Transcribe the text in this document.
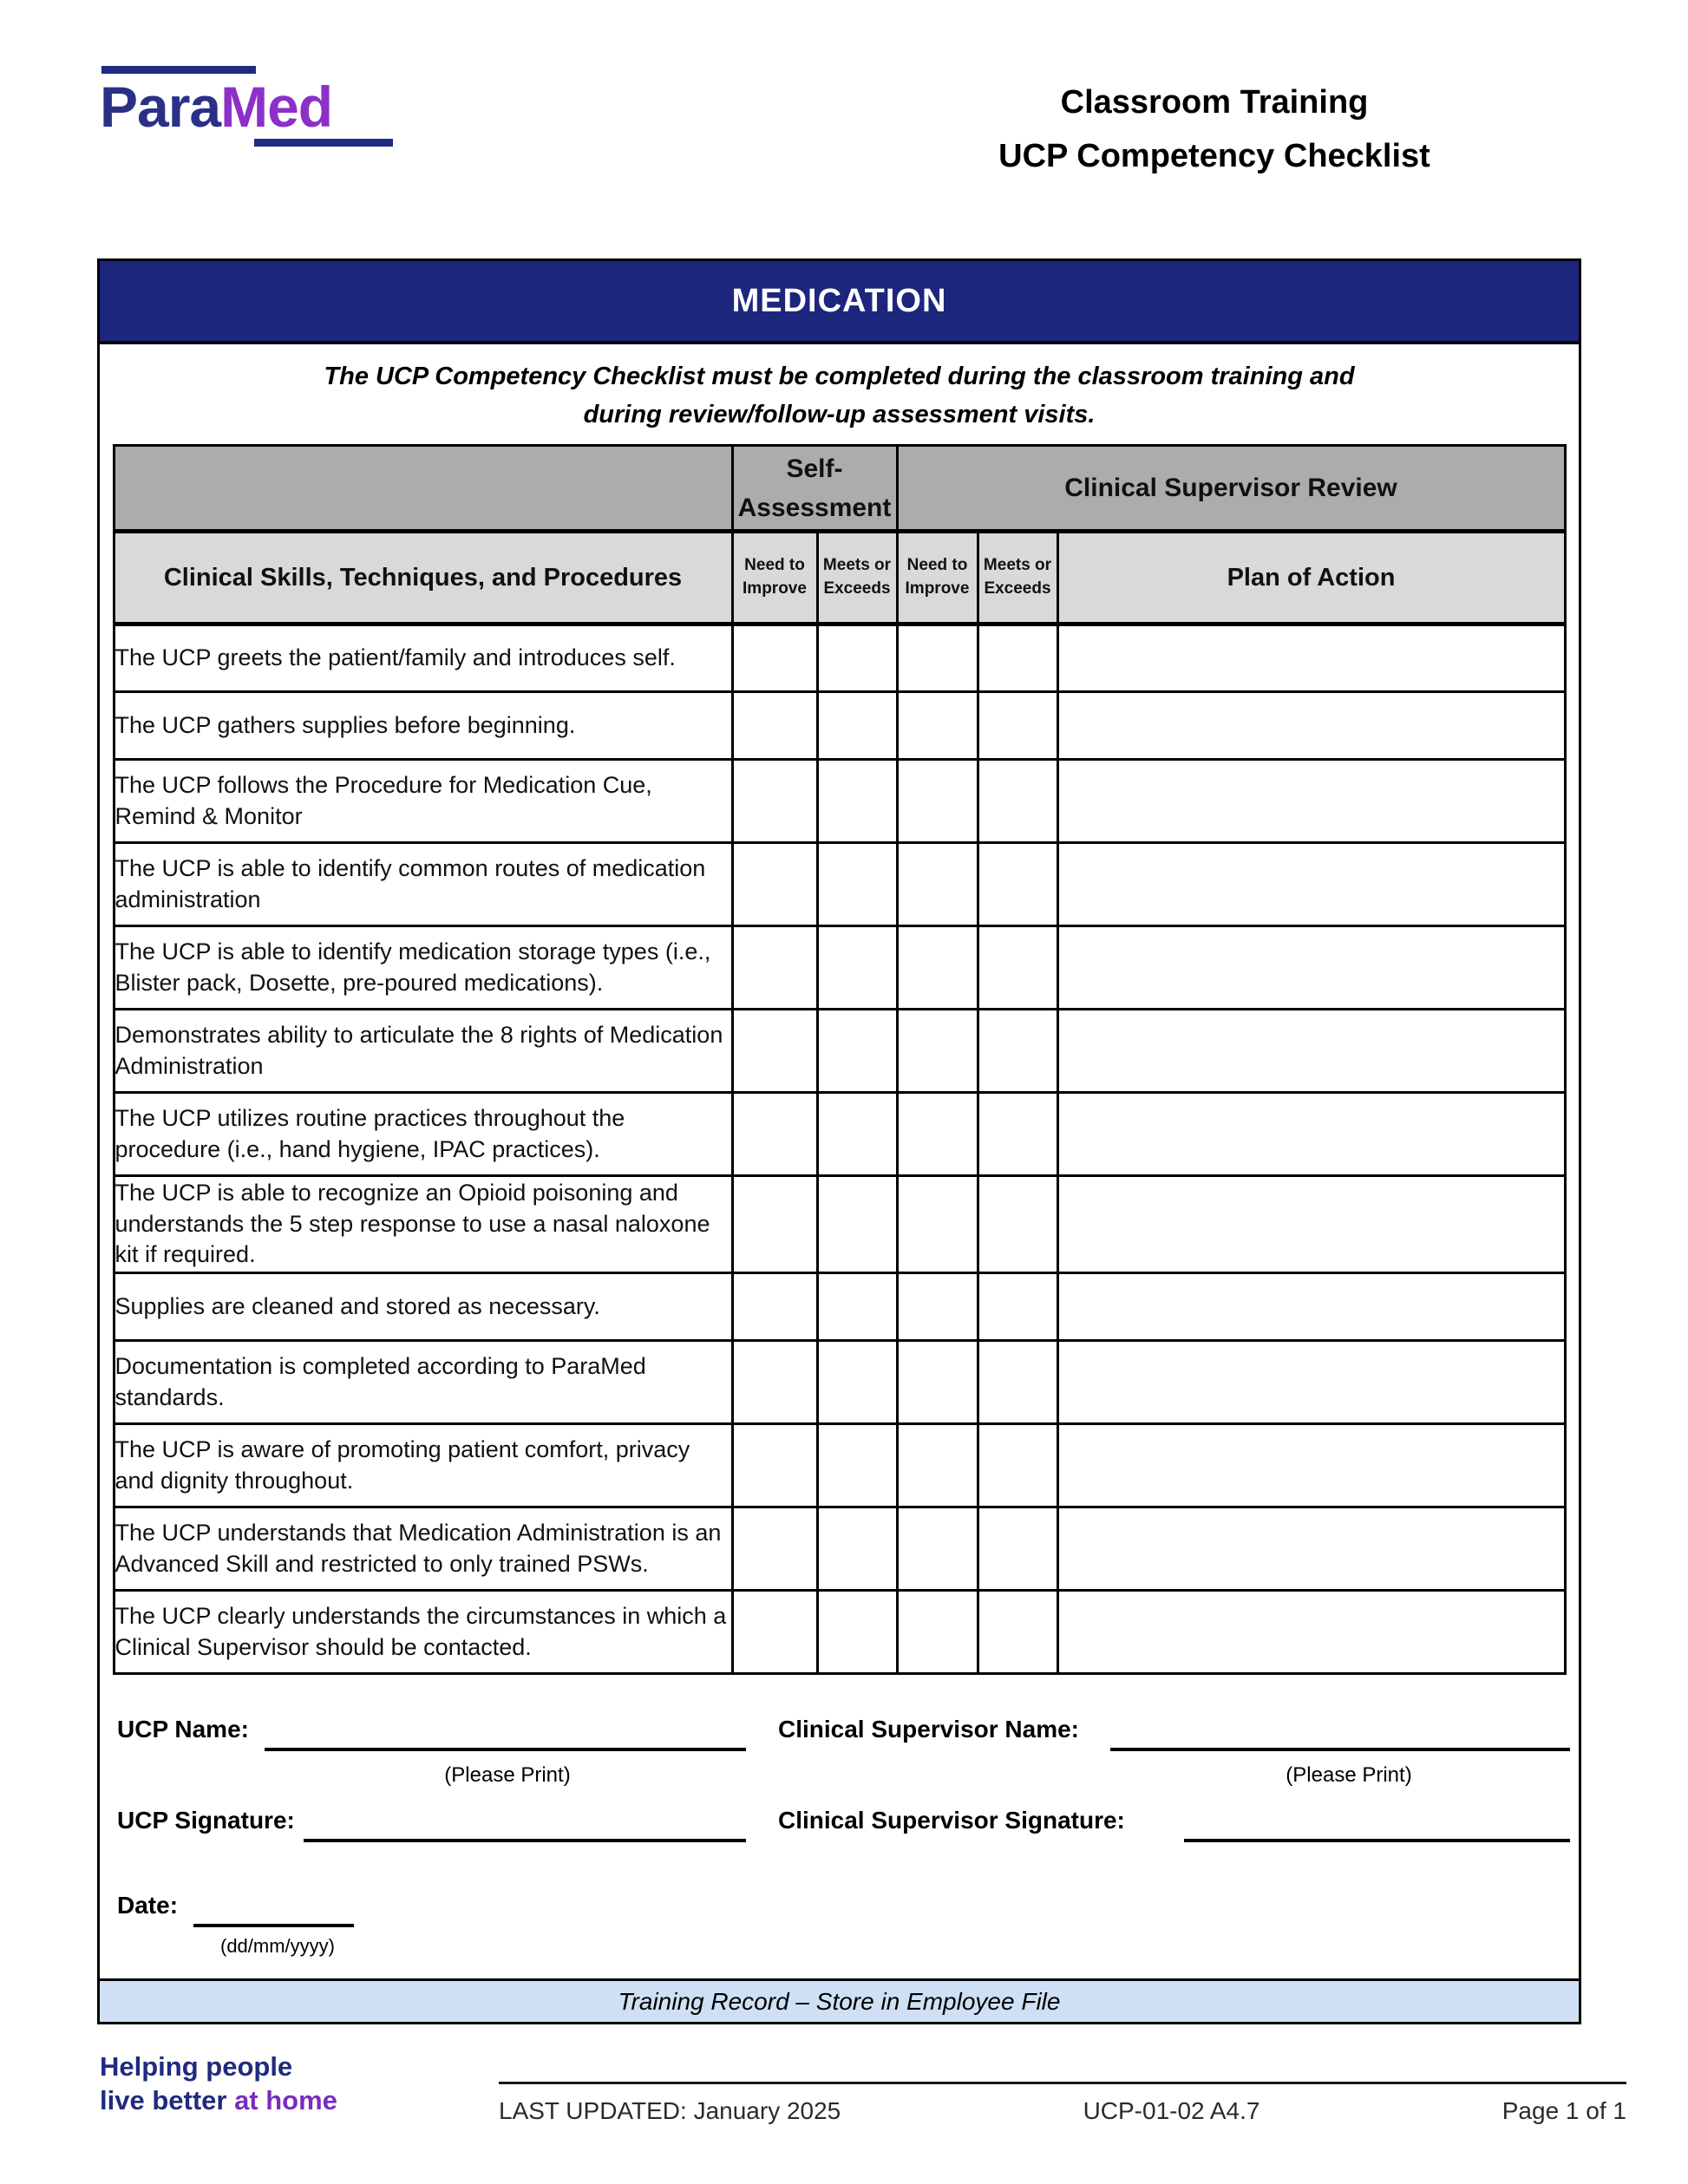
ParaMed	Classroom Training
UCP Competency Checklist
MEDICATION
The UCP Competency Checklist must be completed during the classroom training and
during review/follow-up assessment visits.
	Self-Assessment		Clinical Supervisor Review		
Clinical Skills, Techniques, and Procedures	Need to Improve	Meets or Exceeds	Need to Improve	Meets or Exceeds	Plan of Action
The UCP greets the patient/family and introduces self.					
The UCP gathers supplies before beginning.					
The UCP follows the Procedure for Medication Cue, Remind & Monitor					
The UCP is able to identify common routes of medication administration					
The UCP is able to identify medication storage types (i.e., Blister pack, Dosette, pre-poured medications).					
Demonstrates ability to articulate the 8 rights of Medication Administration					
The UCP utilizes routine practices throughout the procedure (i.e., hand hygiene, IPAC practices).					
The UCP is able to recognize an Opioid poisoning and understands the 5 step response to use a nasal naloxone kit if required.					
Supplies are cleaned and stored as necessary.					
Documentation is completed according to ParaMed standards.					
The UCP is aware of promoting patient comfort, privacy and dignity throughout.					
The UCP understands that Medication Administration is an Advanced Skill and restricted to only trained PSWs.					
The UCP clearly understands the circumstances in which a Clinical Supervisor should be contacted.					
UCP Name:
(Please Print)
Clinical Supervisor Name:
(Please Print)
UCP Signature:	Clinical Supervisor Signature:
Date:
(dd/mm/yyyy)
Training Record – Store in Employee File
Helping people
live better at home	LAST UPDATED: January 2025	UCP-01-02 A4.7	Page 1 of 1
